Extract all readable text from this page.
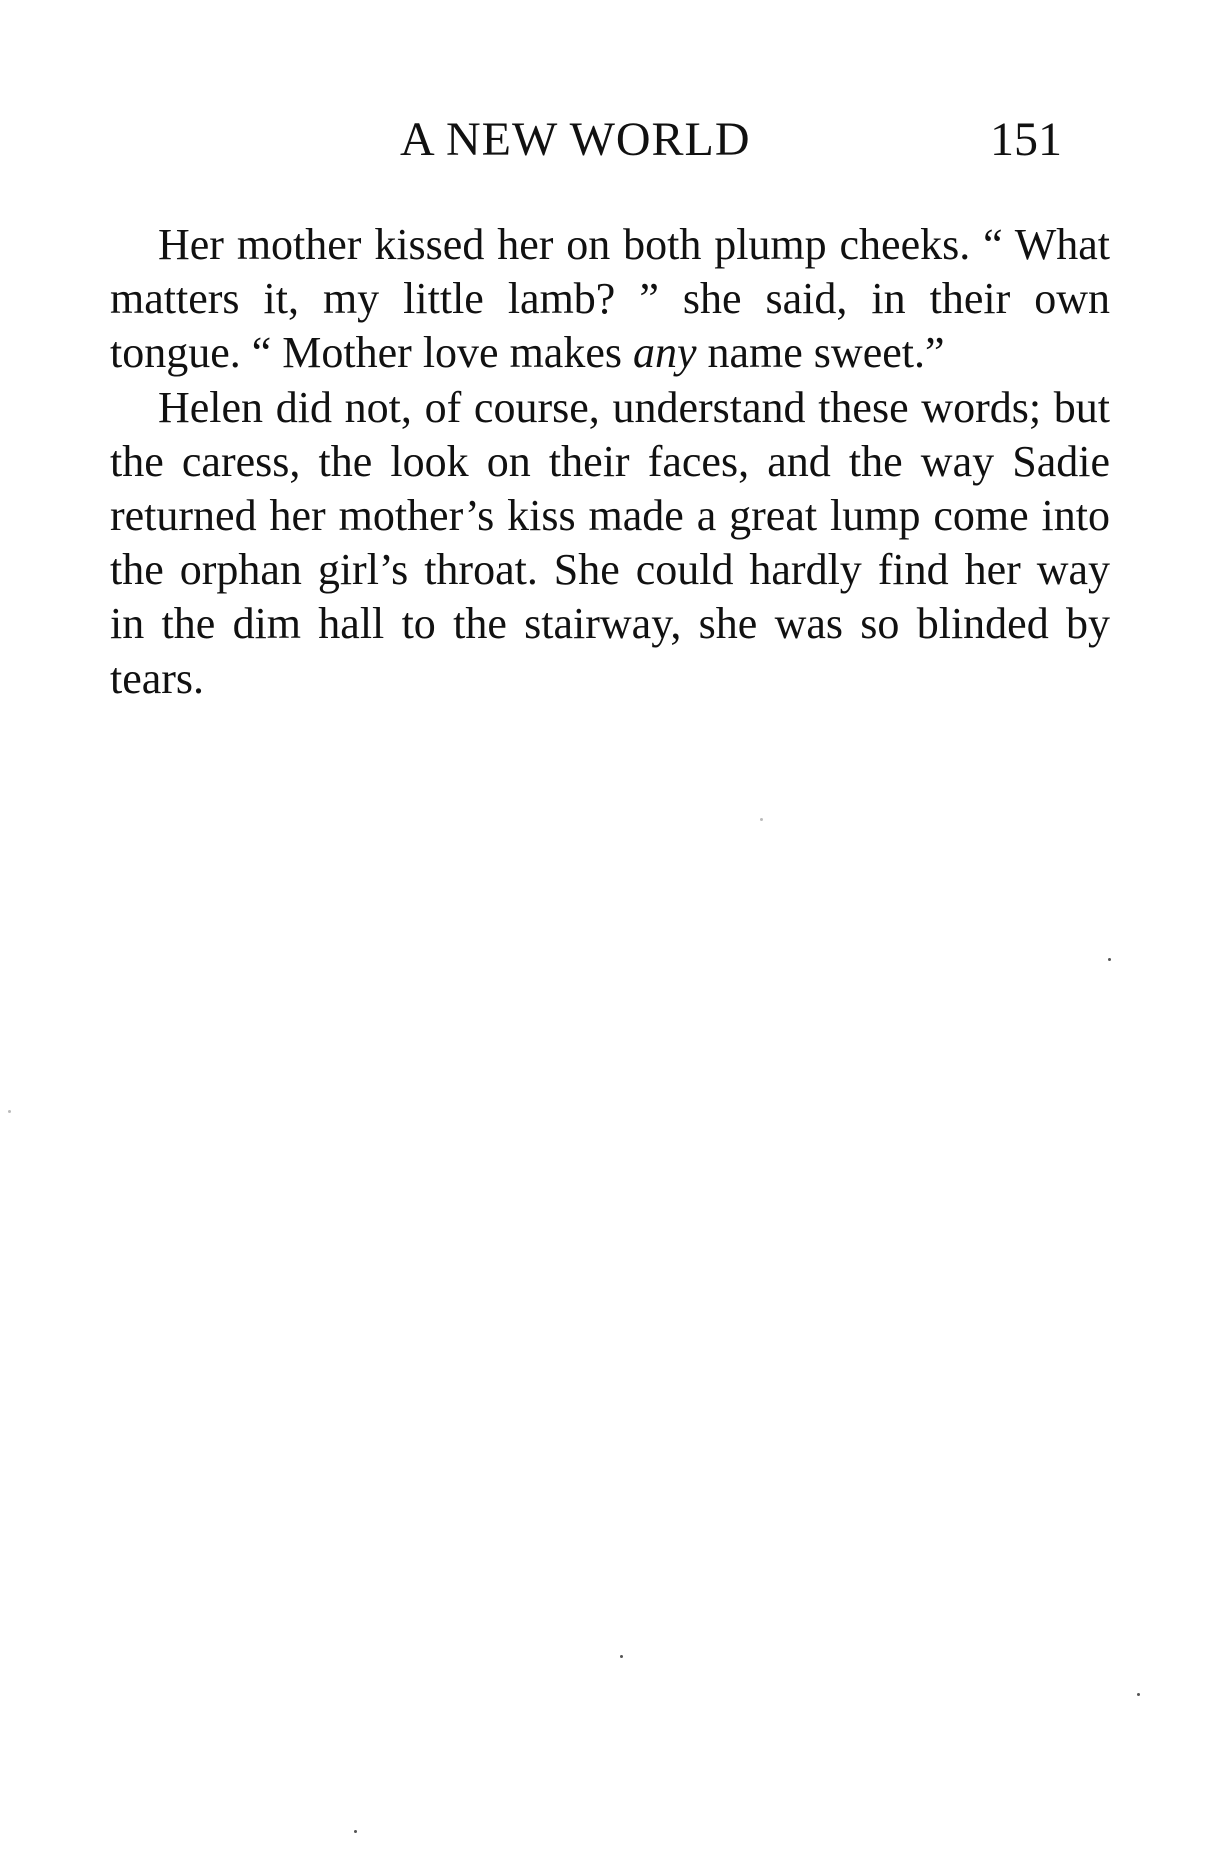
A NEW WORLD	151

Her mother kissed her on both plump cheeks. “ What matters it, my little lamb? ” she said, in their own tongue. “ Mother love makes any name sweet.”

Helen did not, of course, understand these words; but the caress, the look on their faces, and the way Sadie returned her mother’s kiss made a great lump come into the orphan girl’s throat. She could hardly find her way in the dim hall to the stairway, she was so blinded by tears.
